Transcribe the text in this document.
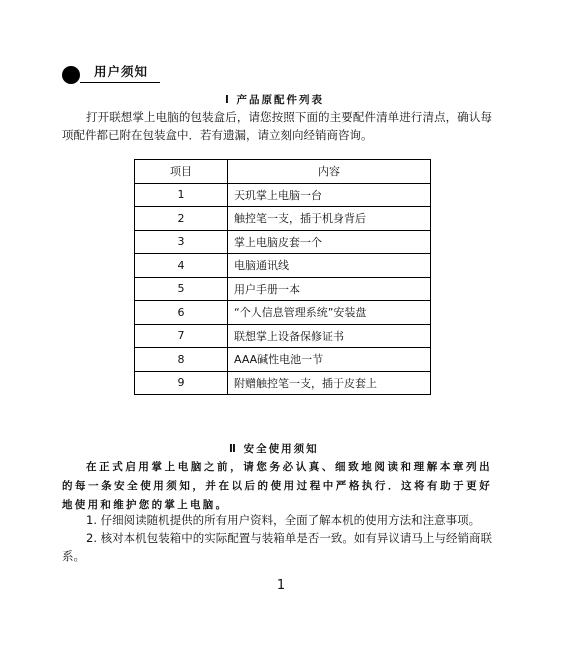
用户须知
Ⅰ 产品原配件列表
打开联想掌上电脑的包装盒后，请您按照下面的主要配件清单进行清点，确认每项配件都已附在包装盒中．若有遗漏，请立刻向经销商咨询。
项目	内容
1	天玑掌上电脑一台
2	触控笔一支，插于机身背后
3	掌上电脑皮套一个
4	电脑通讯线
5	用户手册一本
6	“个人信息管理系统”安装盘
7	联想掌上设备保修证书
8	AAA碱性电池一节
9	附赠触控笔一支，插于皮套上
Ⅱ 安全使用须知
在正式启用掌上电脑之前，请您务必认真、细致地阅读和理解本章列出的每一条安全使用须知，并在以后的使用过程中严格执行．这将有助于更好地使用和维护您的掌上电脑。
1. 仔细阅读随机提供的所有用户资料，全面了解本机的使用方法和注意事项。
2. 核对本机包装箱中的实际配置与装箱单是否一致。如有异议请马上与经销商联系。
1
